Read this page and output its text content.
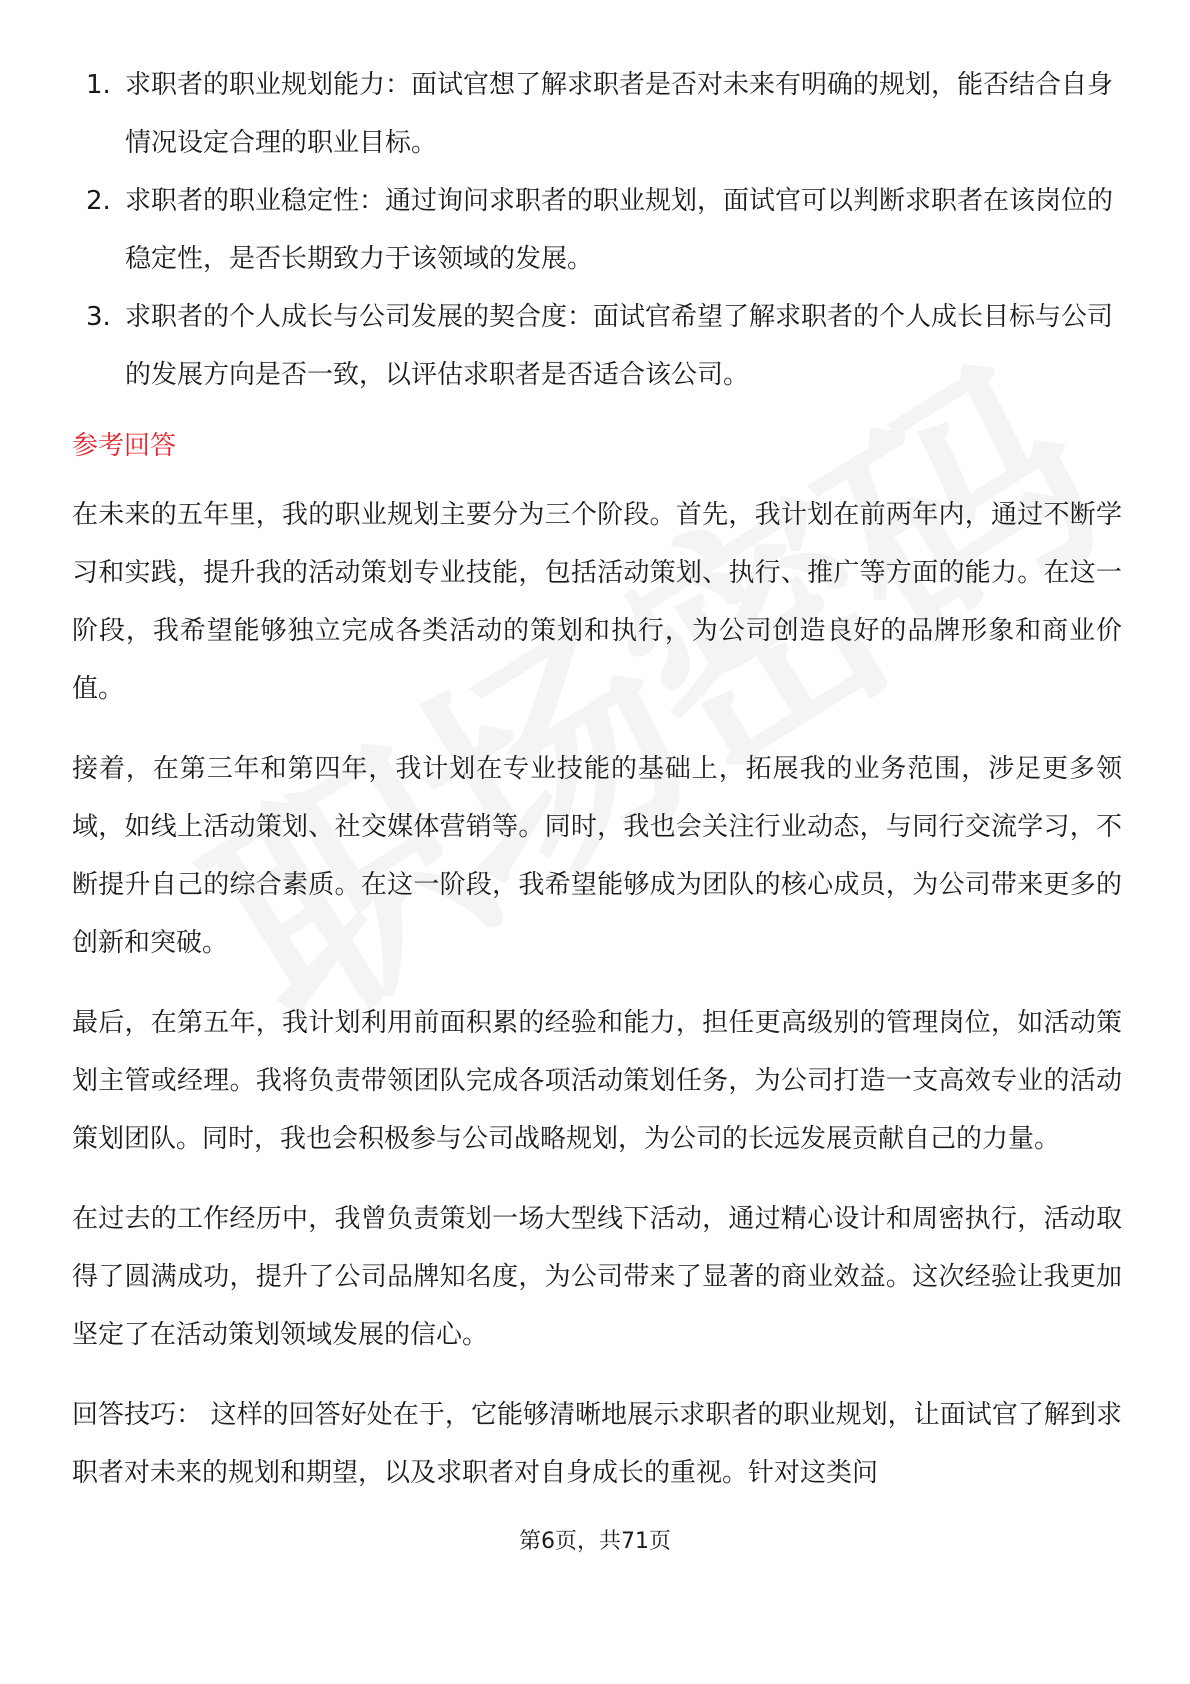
1. 求职者的职业规划能力：面试官想了解求职者是否对未来有明确的规划，能否结合自身情况设定合理的职业目标。
2. 求职者的职业稳定性：通过询问求职者的职业规划，面试官可以判断求职者在该岗位的稳定性，是否长期致力于该领域的发展。
3. 求职者的个人成长与公司发展的契合度：面试官希望了解求职者的个人成长目标与公司的发展方向是否一致，以评估求职者是否适合该公司。
参考回答

在未来的五年里，我的职业规划主要分为三个阶段。首先，我计划在前两年内，通过不断学习和实践，提升我的活动策划专业技能，包括活动策划、执行、推广等方面的能力。在这一阶段，我希望能够独立完成各类活动的策划和执行，为公司创造良好的品牌形象和商业价值。

接着，在第三年和第四年，我计划在专业技能的基础上，拓展我的业务范围，涉足更多领域，如线上活动策划、社交媒体营销等。同时，我也会关注行业动态，与同行交流学习，不断提升自己的综合素质。在这一阶段，我希望能够成为团队的核心成员，为公司带来更多的创新和突破。

最后，在第五年，我计划利用前面积累的经验和能力，担任更高级别的管理岗位，如活动策划主管或经理。我将负责带领团队完成各项活动策划任务，为公司打造一支高效专业的活动策划团队。同时，我也会积极参与公司战略规划，为公司的长远发展贡献自己的力量。

在过去的工作经历中，我曾负责策划一场大型线下活动，通过精心设计和周密执行，活动取得了圆满成功，提升了公司品牌知名度，为公司带来了显著的商业效益。这次经验让我更加坚定了在活动策划领域发展的信心。

回答技巧： 这样的回答好处在于，它能够清晰地展示求职者的职业规划，让面试官了解到求职者对未来的规划和期望，以及求职者对自身成长的重视。针对这类问

第6页，共71页
